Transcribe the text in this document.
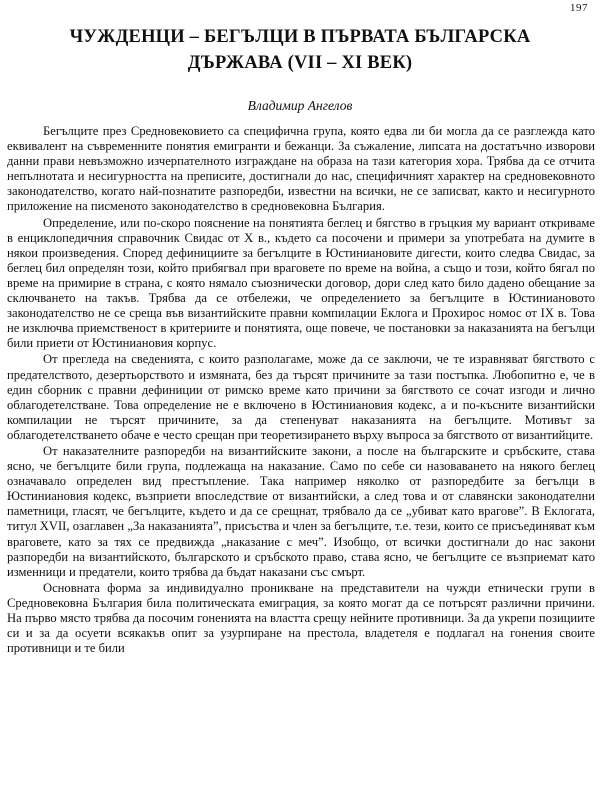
197
ЧУЖДЕНЦИ – БЕГЪЛЦИ В ПЪРВАТА БЪЛГАРСКА
ДЪРЖАВА (VII – XI ВЕК)
Владимир Ангелов

Бегълците през Средновековието са специфична група, която едва ли би могла да се разглежда като еквивалент на съвременните понятия емигранти и бежанци. За съжаление, липсата на достатъчно изворови данни прави невъзможно изчерпателното изграждане на образа на тази категория хора. Трябва да се отчита непълнотата и несигурността на преписите, достигнали до нас, специфичният характер на средновековното законодателство, когато най-познатите разпоредби, известни на всички, не се записват, както и несигурното приложение на писменото законодателство в средновековна България.

Определение, или по-скоро пояснение на понятията беглец и бягство в гръцкия му вариант откриваме в енциклопедичния справочник Свидас от Х в., където са посочени и примери за употребата на думите в някои произведения. Според дефинициите за бегълците в Юстиниановите дигести, които следва Свидас, за беглец бил определян този, който прибягвал при враговете по време на война, а също и този, който бягал по време на примирие в страна, с която нямало съюзнически договор, дори след като било дадено обещание за сключването на такъв. Трябва да се отбележи, че определението за бегълците в Юстиниановото законодателство не се среща във византийските правни компилации Еклога и Прохирос номос от IX в. Това не изключва приемственост в критериите и понятията, още повече, че постановки за наказанията на бегълци били приети от Юстиниановия корпус.

От прегледа на сведенията, с които разполагаме, може да се заключи, че те изравняват бягството с предателството, дезертьорството и измяната, без да търсят причините за тази постъпка. Любопитно е, че в един сборник с правни дефиниции от римско време като причини за бягството се сочат изгоди и лично облагодетелстване. Това определение не е включено в Юстиниановия кодекс, а и по-късните византийски компилации не търсят причините, за да степенуват наказанията на бегълците. Мотивът за облагодетелстването обаче е често срещан при теоретизирането върху въпроса за бягството от византийците.

От наказателните разпоредби на византийските закони, а после на българските и сръбските, става ясно, че бегълците били група, подлежаща на наказание. Само по себе си назоваването на някого беглец означавало определен вид престъпление. Така например няколко от разпоредбите за бегълци в Юстиниановия кодекс, възприети впоследствие от византийски, а след това и от славянски законодателни паметници, гласят, че бегълците, където и да се срещнат, трябвало да се „убиват като врагове”. В Еклогата, титул XVII, озаглавен „За наказанията”, присъства и член за бегълците, т.е. тези, които се присъединяват към враговете, като за тях се предвижда „наказание с меч”. Изобщо, от всички достигнали до нас закони разпоредби на византийското, българското и сръбското право, става ясно, че бегълците се възприемат като изменници и предатели, които трябва да бъдат наказани със смърт.

Основната форма за индивидуално проникване на представители на чужди етнически групи в Средновековна България била политическата емиграция, за която могат да се потърсят различни причини. На първо място трябва да посочим гоненията на властта срещу нейните противници. За да укрепи позициите си и за да осуети всякакъв опит за узурпиране на престола, владетеля е подлагал на гонения своите противници и те били
